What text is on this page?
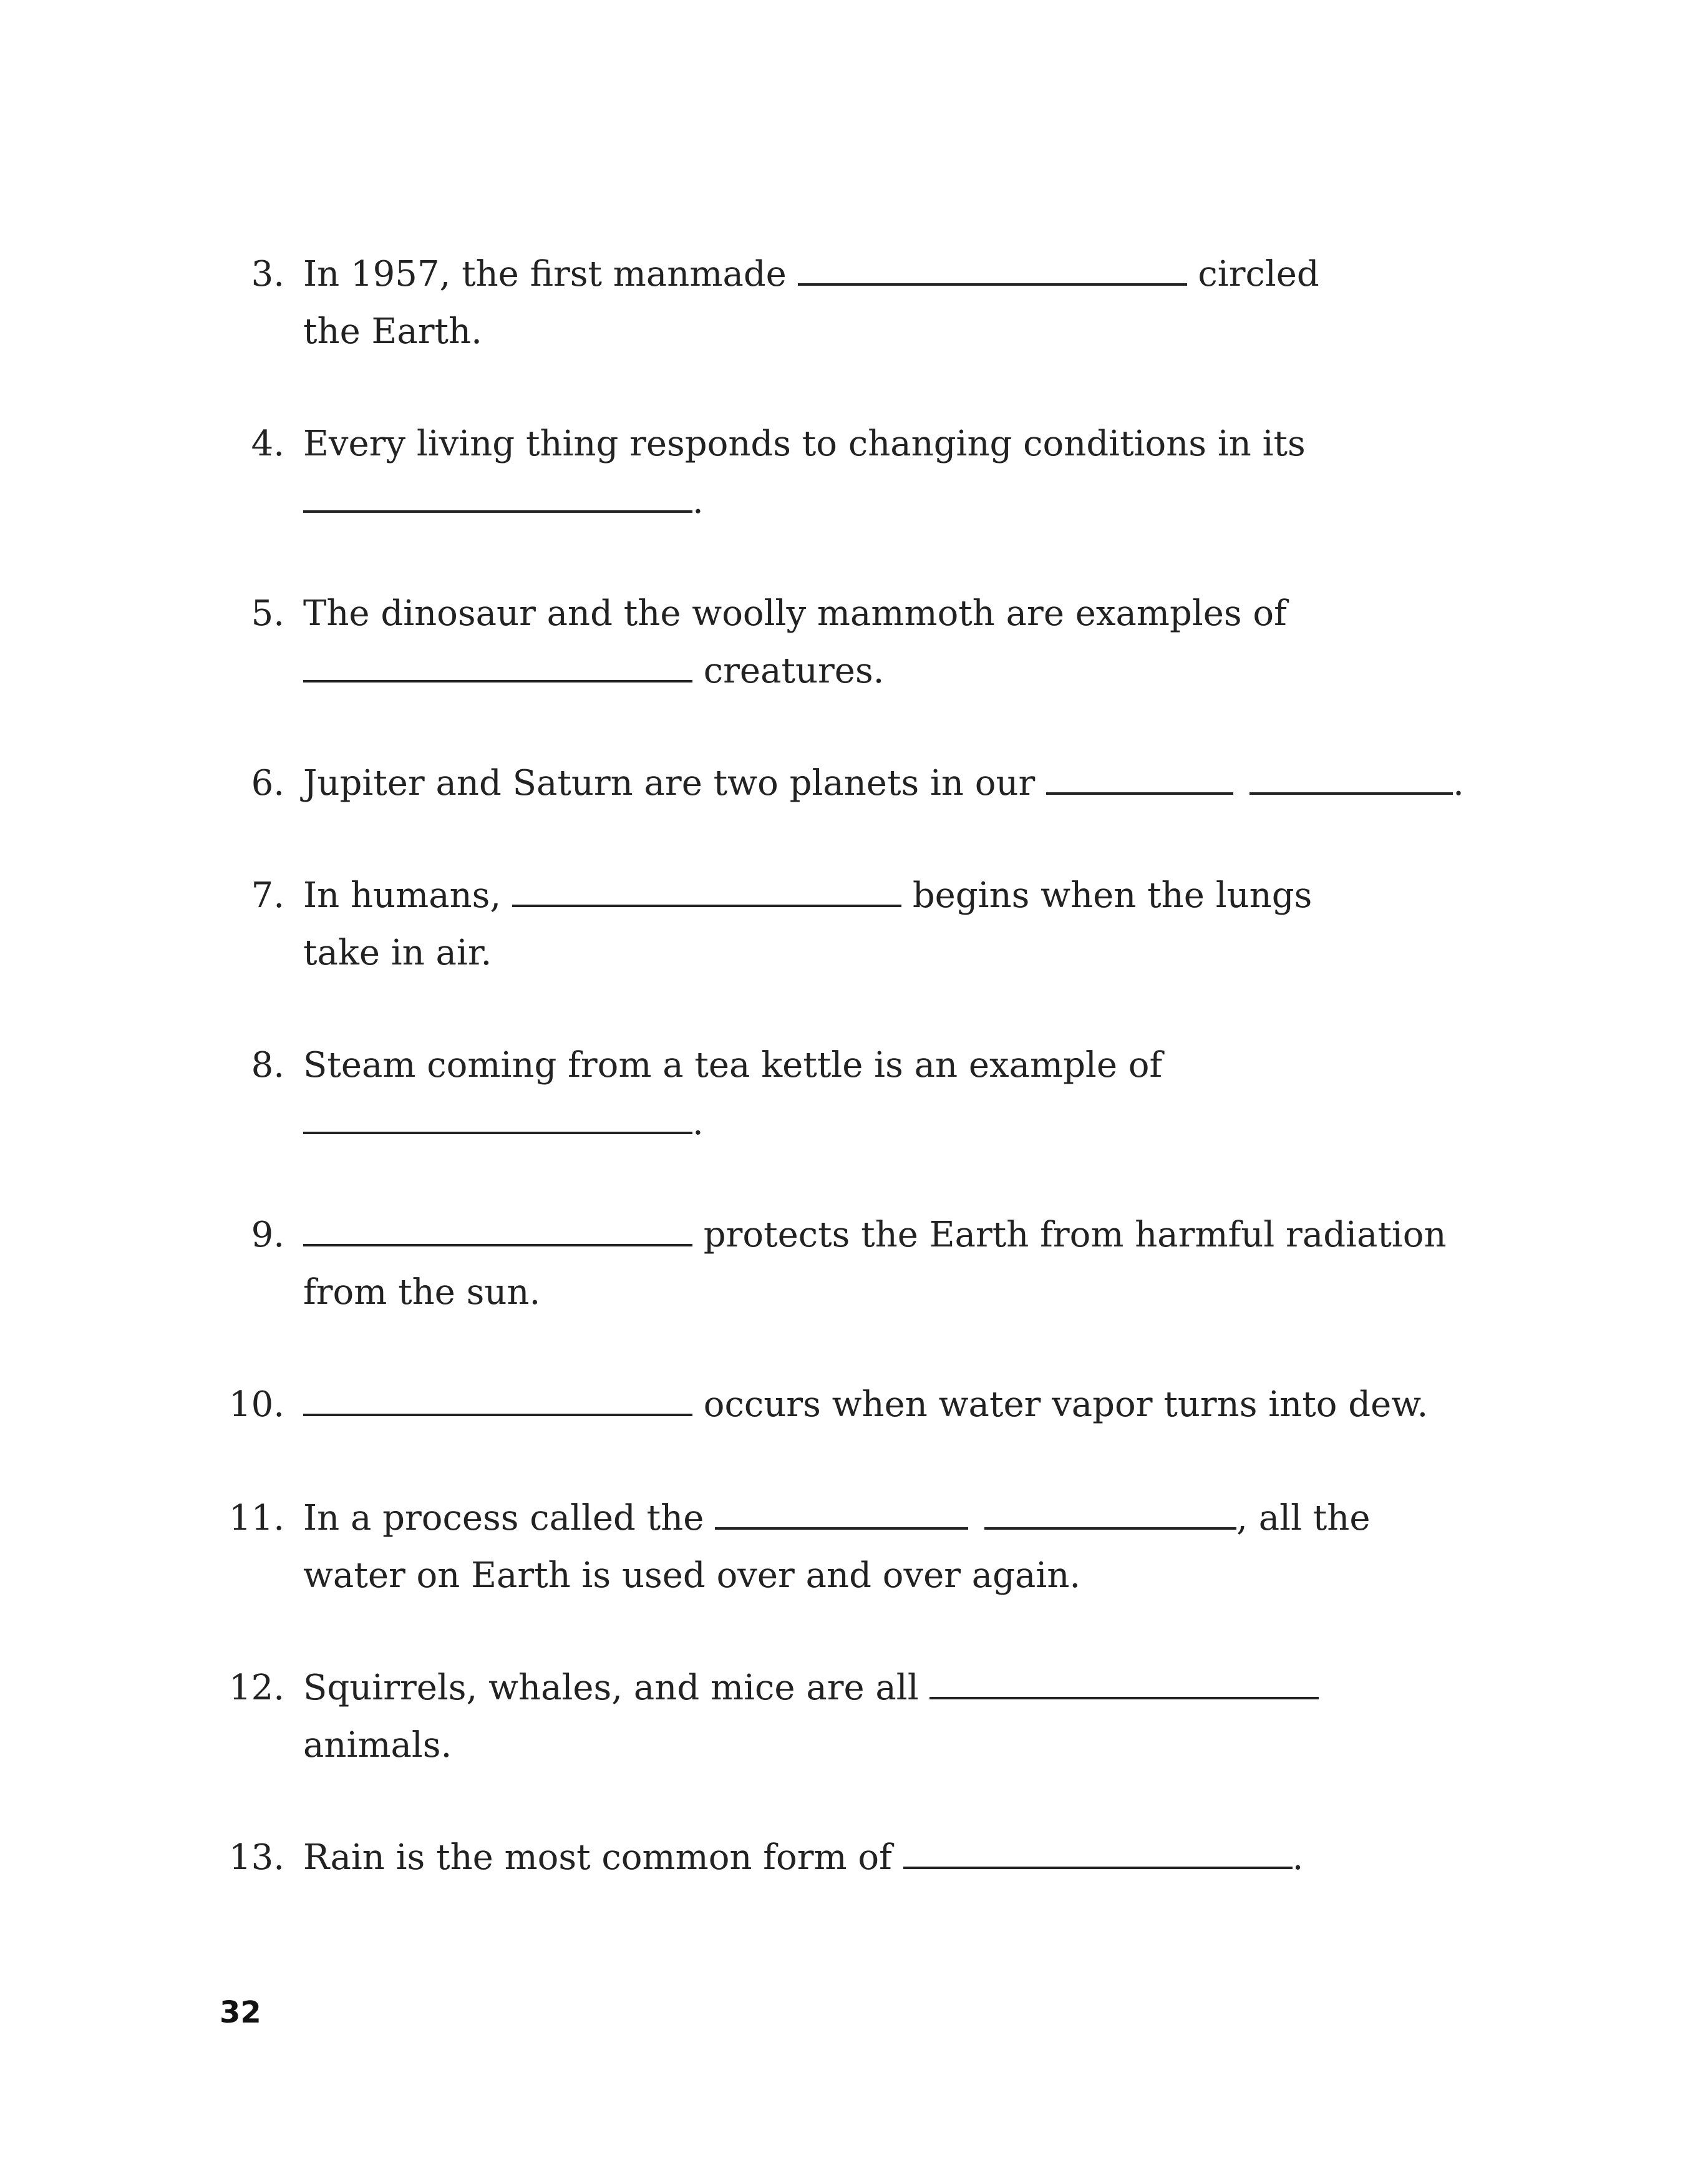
3. In 1957, the first manmade	circled
the Earth.
4. Every living thing responds to changing conditions in its
.
5. The dinosaur and the woolly mammoth are examples of
creatures.
6. Jupiter and Saturn are two planets in our	.
7. In humans,	begins when the lungs
take in air.
8. Steam coming from a tea kettle is an example of
.
9.	protects the Earth from harmful radiation
from the sun.
10.	occurs when water vapor turns into dew.
11. In a process called the	, all the
water on Earth is used over and over again.
12. Squirrels, whales, and mice are all
animals.
13. Rain is the most common form of	.
32
